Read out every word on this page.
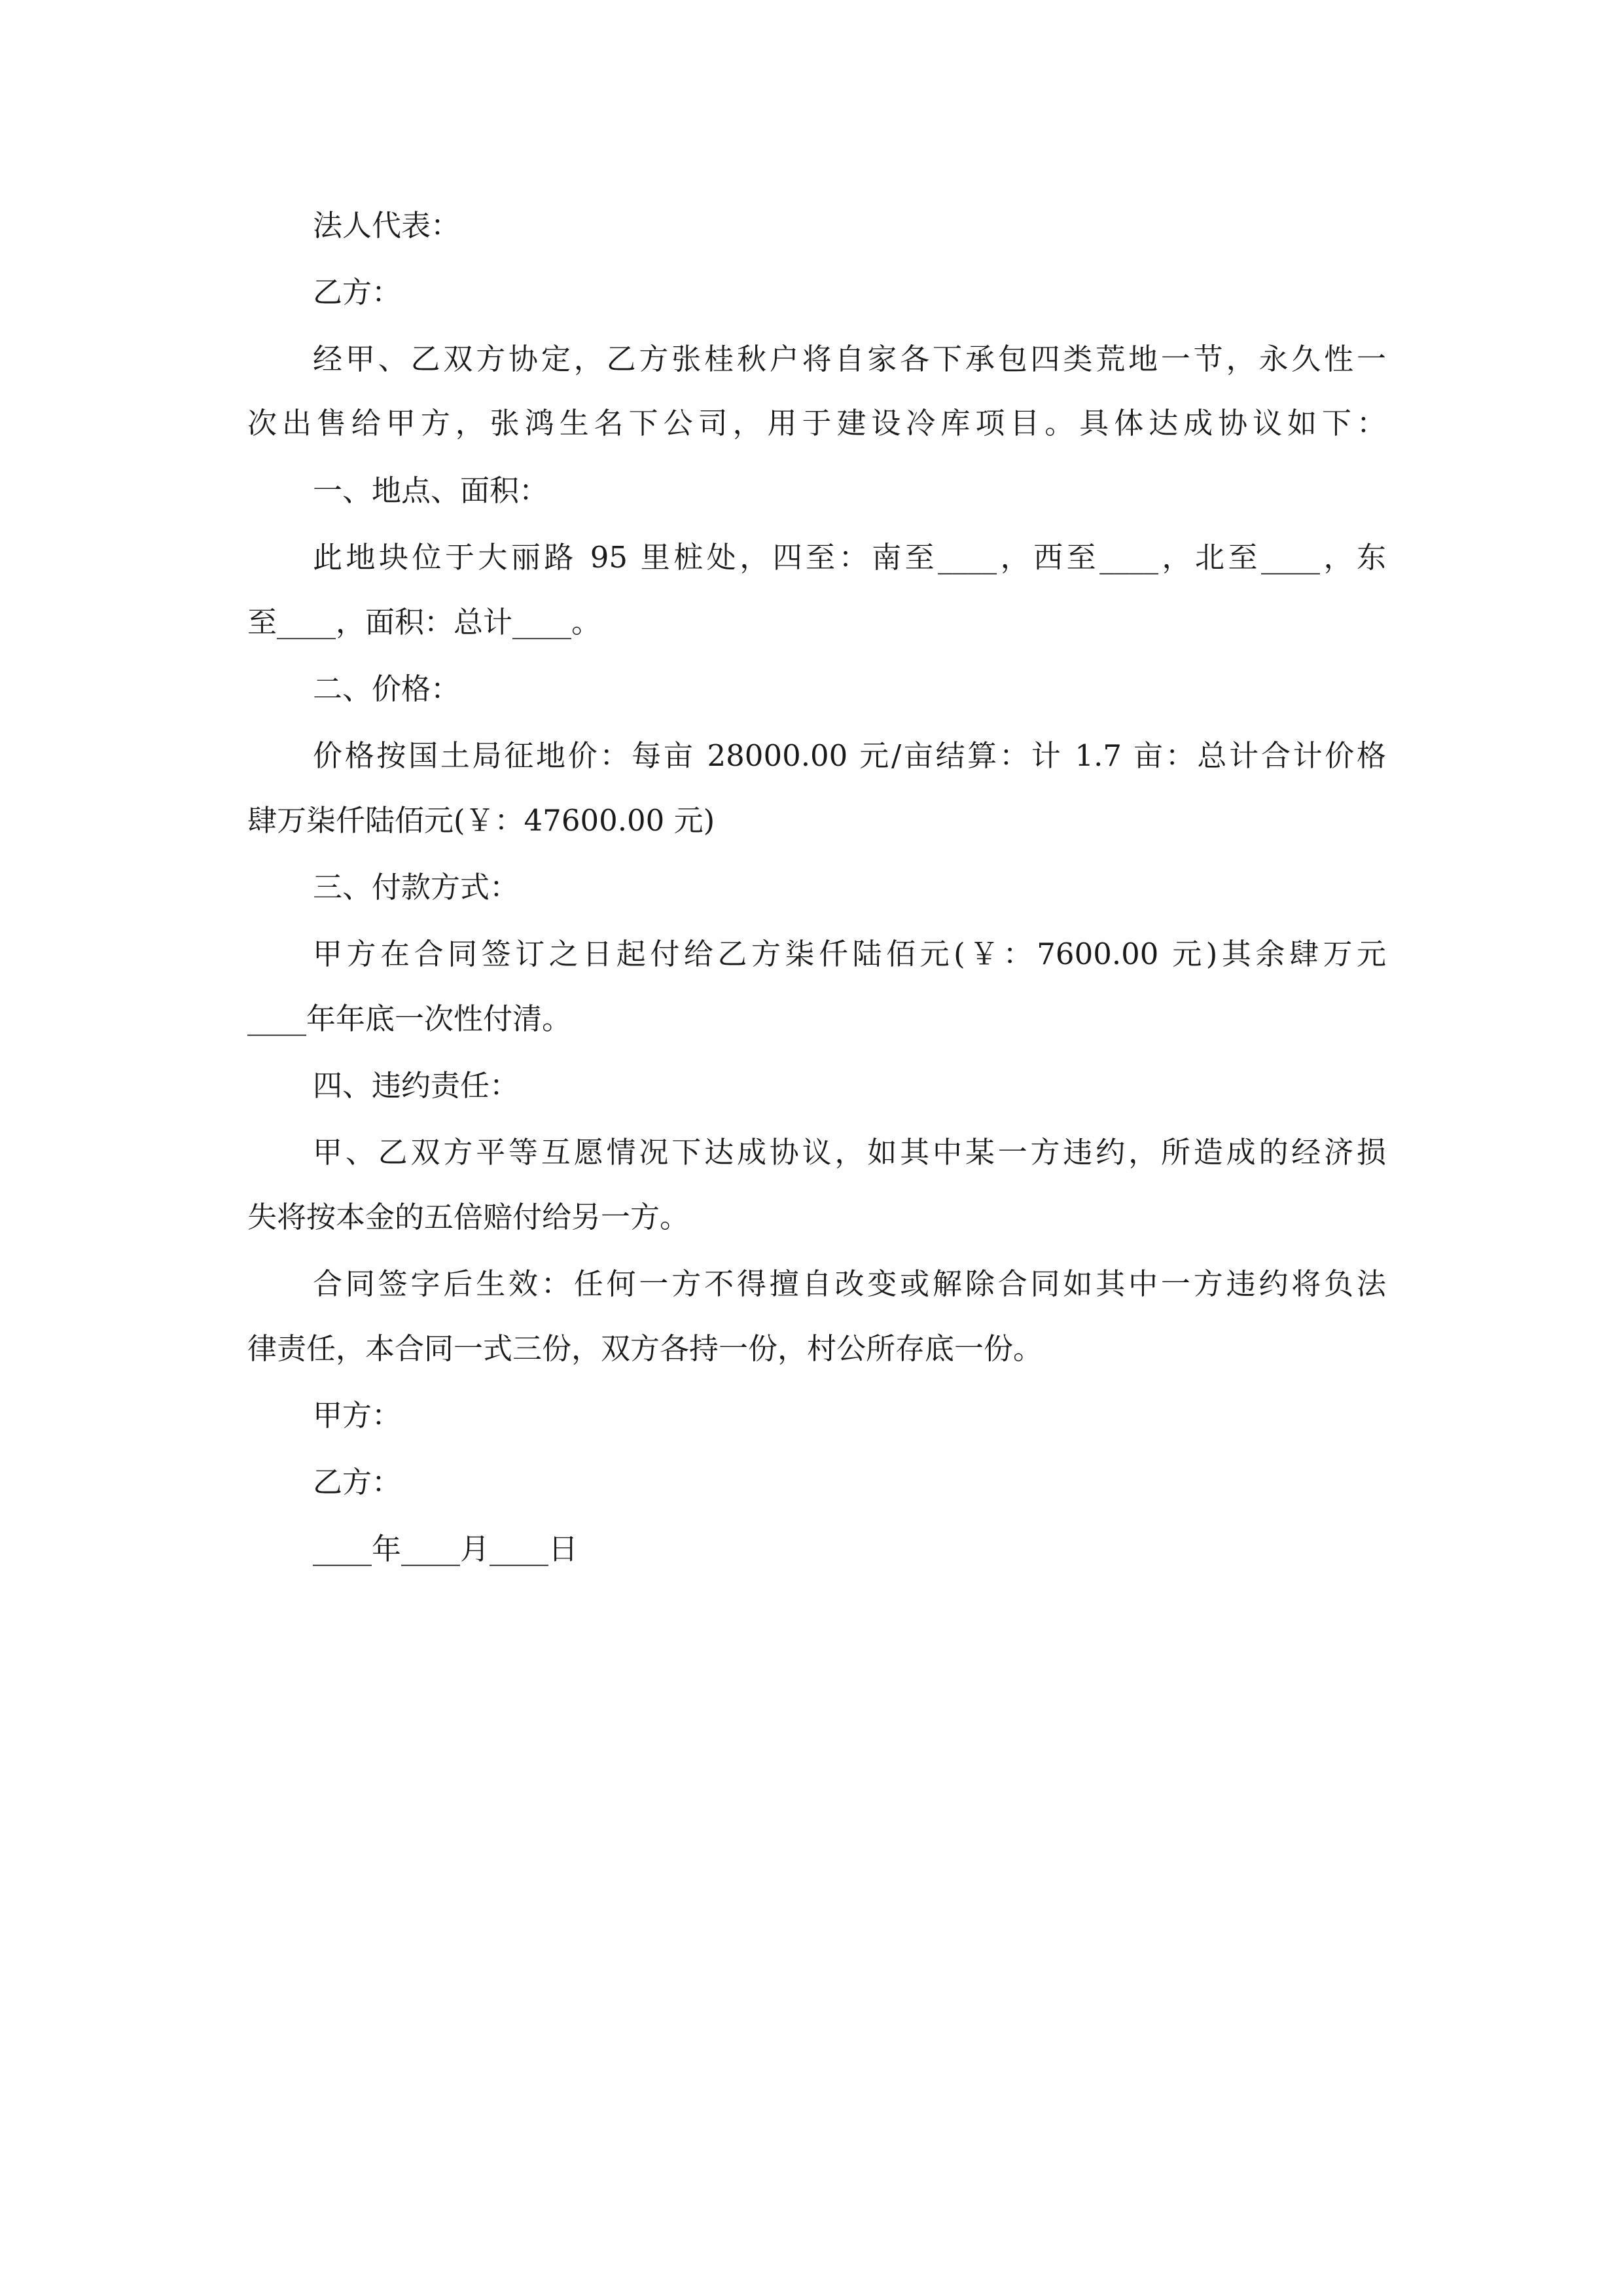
法人代表：
乙方：
经甲、乙双方协定，乙方张桂秋户将自家各下承包四类荒地一节，永久性一
次出售给甲方，张鸿生名下公司，用于建设冷库项目。具体达成协议如下：
一、地点、面积：
此地块位于大丽路 95 里桩处，四至：南至____，西至____，北至____，东
至____，面积：总计____。
二、价格：
价格按国土局征地价：每亩 28000.00 元/亩结算：计 1.7 亩：总计合计价格
肆万柒仟陆佰元(￥：47600.00 元)
三、付款方式：
甲方在合同签订之日起付给乙方柒仟陆佰元(￥：7600.00 元)其余肆万元
____年年底一次性付清。
四、违约责任：
甲、乙双方平等互愿情况下达成协议，如其中某一方违约，所造成的经济损
失将按本金的五倍赔付给另一方。
合同签字后生效：任何一方不得擅自改变或解除合同如其中一方违约将负法
律责任，本合同一式三份，双方各持一份，村公所存底一份。
甲方：
乙方：
____年____月____日
